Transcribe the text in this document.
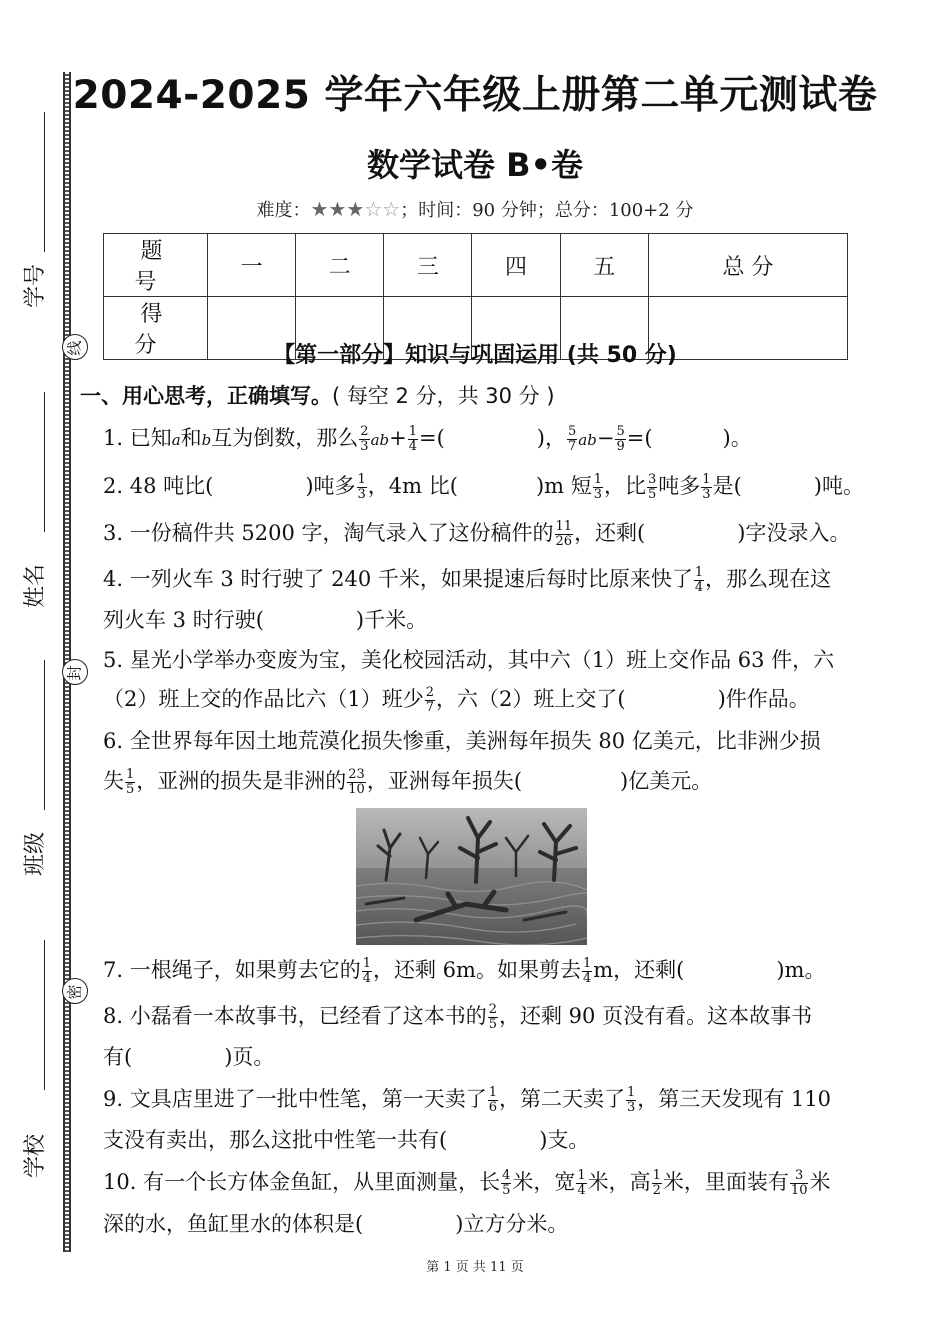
学号
姓名
班级
学校
线
封
密
2024-2025 学年六年级上册第二单元测试卷
数学试卷 B•卷
难度：★★★☆☆；时间：90 分钟；总分：100+2 分
题 号	一	二	三	四	五	总 分
得 分							【第一部分】知识与巩固运用 (共 50 分)
一、用心思考，正确填写。( 每空 2 分，共 30 分 )
1. 已知a和b互为倒数，那么 $\frac{2}{3} ab+ \frac{1}{4}$ =(	)， $\frac{5}{7} ab- \frac{5}{9}$ =(	)。
2. 48 吨比(	)吨多 $\frac{1}{3}$ ，4m 比(	)m 短 $\frac{1}{3}$ ，比 $\frac{3}{5}$ 吨多 $\frac{1}{3}$ 是(	)吨。
3. 一份稿件共 5200 字，淘气录入了这份稿件的 $\frac{11}{26}$ ，还剩(	)字没录入。
4. 一列火车 3 时行驶了 240 千米，如果提速后每时比原来快了 $\frac{1}{4}$ ，那么现在这
列火车 3 时行驶(	)千米。
5. 星光小学举办变废为宝，美化校园活动，其中六（1）班上交作品 63 件，六
（2）班上交的作品比六（1）班少 $\frac{2}{7}$ ，六（2）班上交了(	)件作品。
6. 全世界每年因土地荒漠化损失惨重，美洲每年损失 80 亿美元，比非洲少损
失 $\frac{1}{5}$ ，亚洲的损失是非洲的 $\frac{23}{10}$ ，亚洲每年损失(	)亿美元。
7. 一根绳子，如果剪去它的 $\frac{1}{4}$ ，还剩 6m。如果剪去 $\frac{1}{4}$ m，还剩(	)m。
8. 小磊看一本故事书，已经看了这本书的 $\frac{2}{5}$ ，还剩 90 页没有看。这本故事书
有(	)页。
9. 文具店里进了一批中性笔，第一天卖了 $\frac{1}{6}$ ，第二天卖了 $\frac{1}{3}$ ，第三天发现有 110
支没有卖出，那么这批中性笔一共有(	)支。
10. 有一个长方体金鱼缸，从里面测量，长 $\frac{4}{5}$ 米，宽 $\frac{1}{4}$ 米，高 $\frac{1}{2}$ 米，里面装有 $\frac{3}{10}$ 米
深的水，鱼缸里水的体积是(	)立方分米。
第 1 页 共 11 页
